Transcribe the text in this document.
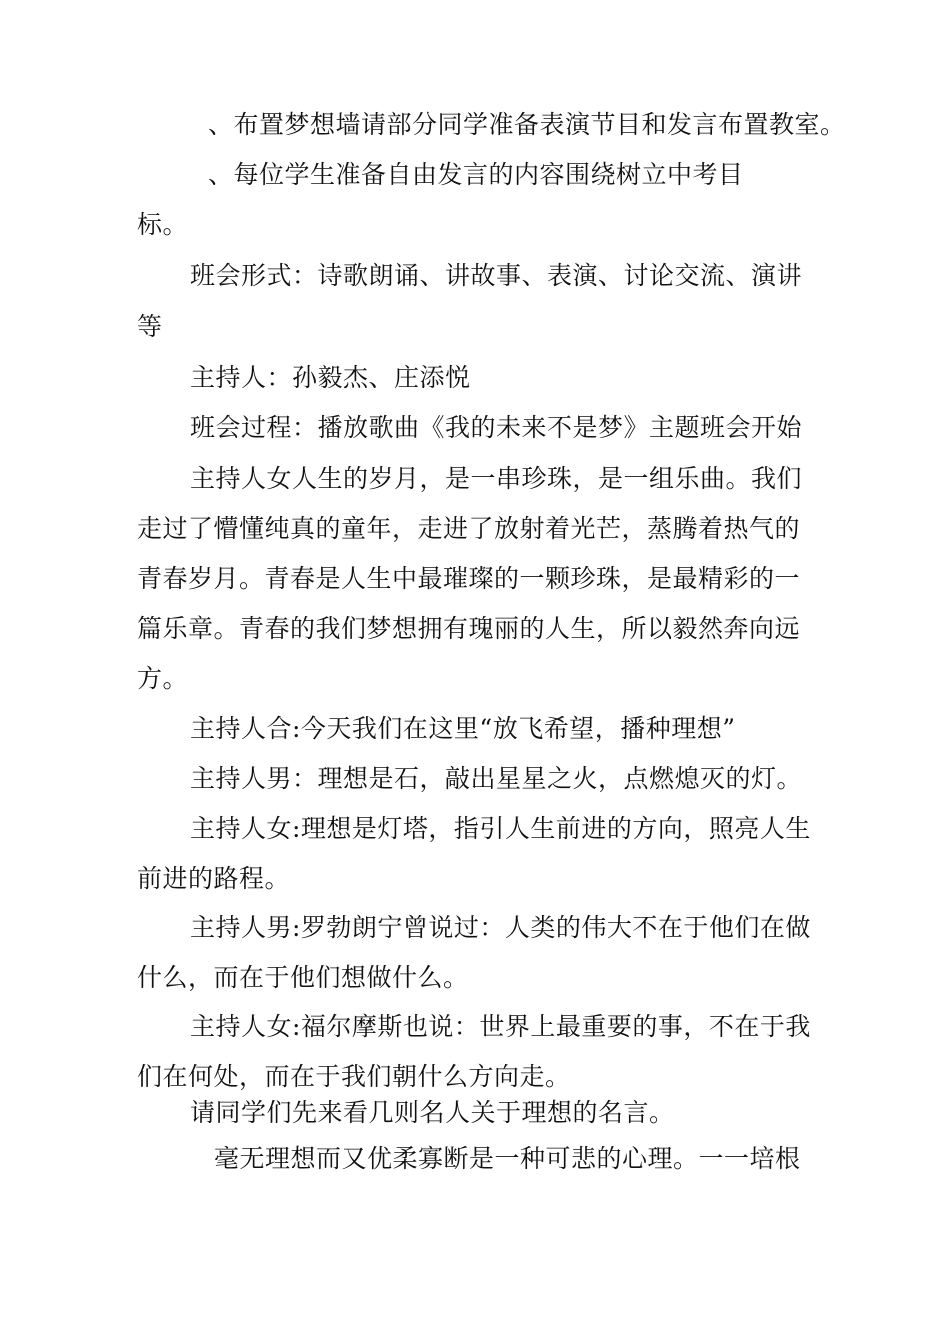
、布置梦想墙请部分同学准备表演节目和发言布置教室。
、每位学生准备自由发言的内容围绕树立中考目
标。
班会形式：诗歌朗诵、讲故事、表演、讨论交流、演讲
等
主持人：孙毅杰、庄添悦
班会过程：播放歌曲《我的未来不是梦》主题班会开始
主持人女人生的岁月，是一串珍珠，是一组乐曲。我们
走过了懵懂纯真的童年，走进了放射着光芒，蒸腾着热气的
青春岁月。青春是人生中最璀璨的一颗珍珠，是最精彩的一
篇乐章。青春的我们梦想拥有瑰丽的人生，所以毅然奔向远
方。
主持人合:今天我们在这里“放飞希望，播种理想”
主持人男：理想是石，敲出星星之火，点燃熄灭的灯。
主持人女:理想是灯塔，指引人生前进的方向，照亮人生
前进的路程。
主持人男:罗勃朗宁曾说过：人类的伟大不在于他们在做
什么，而在于他们想做什么。
主持人女:福尔摩斯也说：世界上最重要的事，不在于我
们在何处，而在于我们朝什么方向走。
请同学们先来看几则名人关于理想的名言。
毫无理想而又优柔寡断是一种可悲的心理。一一培根
